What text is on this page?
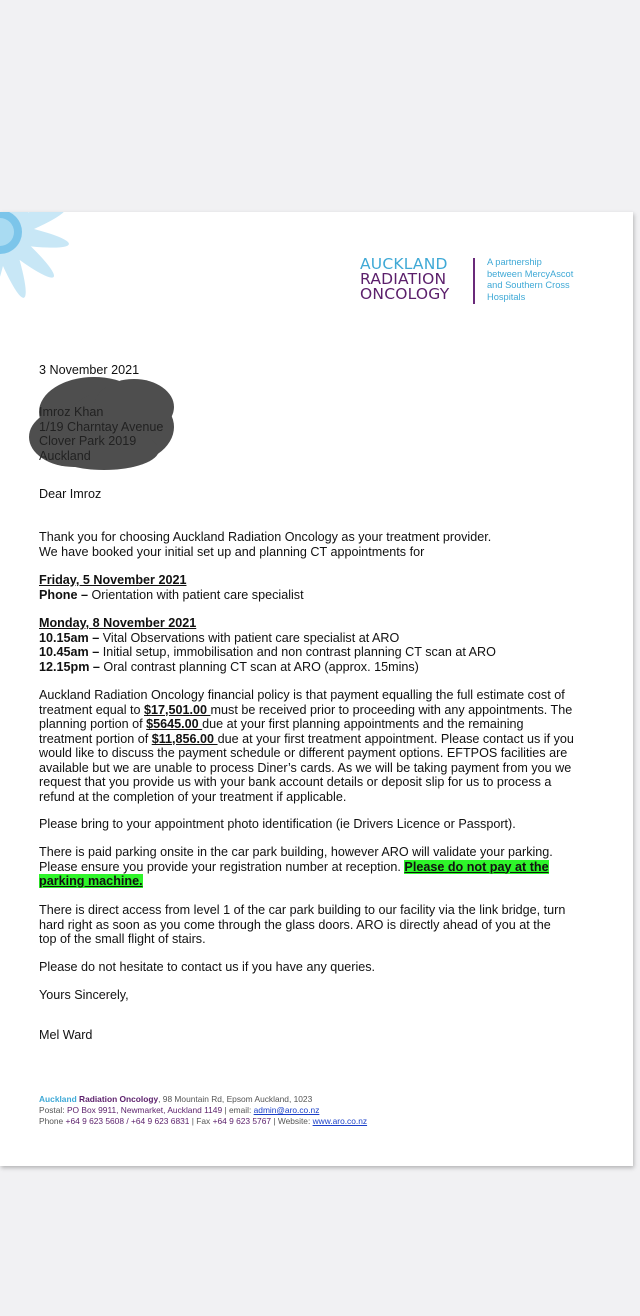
AUCKLAND
RADIATION
ONCOLOGY
A partnership
between MercyAscot
and Southern Cross
Hospitals
3 November 2021
Dear Imroz

Thank you for choosing Auckland Radiation Oncology as your treatment provider.

We have booked your initial set up and planning CT appointments for

Friday, 5 November 2021

Phone – Orientation with patient care specialist

Monday, 8 November 2021

10.15am – Vital Observations with patient care specialist at ARO

10.45am – Initial setup, immobilisation and non contrast planning CT scan at ARO

12.15pm – Oral contrast planning CT scan at ARO (approx. 15mins)

Auckland Radiation Oncology financial policy is that payment equalling the full estimate cost of treatment equal to $17,501.00 must be received prior to proceeding with any appointments. The planning portion of $5645.00 due at your first planning appointments and the remaining treatment portion of $11,856.00 due at your first treatment appointment. Please contact us if you would like to discuss the payment schedule or different payment options. EFTPOS facilities are available but we are unable to process Diner’s cards. As we will be taking payment from you we request that you provide us with your bank account details or deposit slip for us to process a refund at the completion of your treatment if applicable.
Please bring to your appointment photo identification (ie Drivers Licence or Passport).
There is paid parking onsite in the car park building, however ARO will validate your parking. Please ensure you provide your registration number at reception. Please do not pay at the parking machine.
There is direct access from level 1 of the car park building to our facility via the link bridge, turn hard right as soon as you come through the glass doors. ARO is directly ahead of you at the top of the small flight of stairs.
Please do not hesitate to contact us if you have any queries.
Yours Sincerely,
Mel Ward
Auckland Radiation Oncology, 98 Mountain Rd, Epsom Auckland, 1023
Postal: PO Box 9911, Newmarket, Auckland 1149 | email: admin@aro.co.nz
Phone +64 9 623 5608 / +64 9 623 6831 | Fax +64 9 623 5767 | Website: www.aro.co.nz
